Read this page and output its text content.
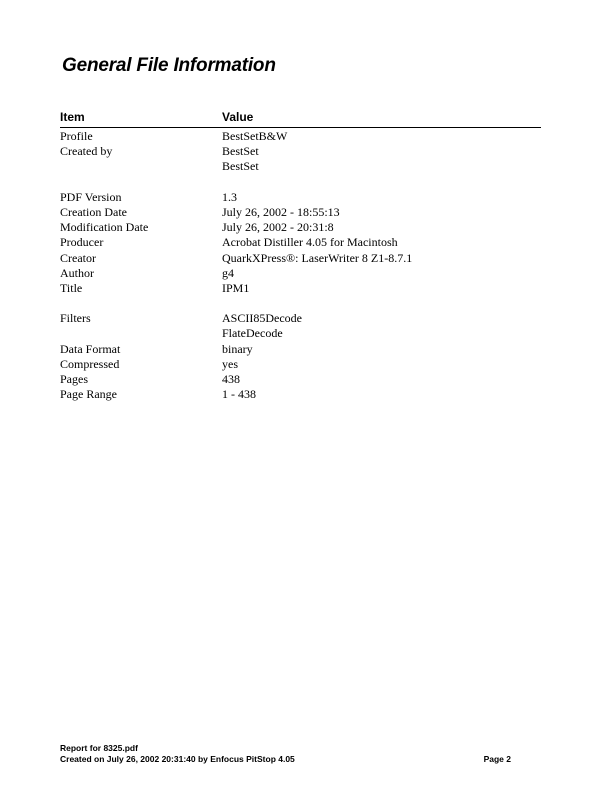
General File Information
Item	Value
Profile	BestSetB&W
Created by	BestSet
BestSet
PDF Version	1.3
Creation Date	July 26, 2002 - 18:55:13
Modification Date	July 26, 2002 - 20:31:8
Producer	Acrobat Distiller 4.05 for Macintosh
Creator	QuarkXPress®: LaserWriter 8 Z1-8.7.1
Author	g4
Title	IPM1
Filters	ASCII85Decode
FlateDecode
Data Format	binary
Compressed	yes
Pages	438
Page Range	1 - 438
Report for 8325.pdf
Created on July 26, 2002 20:31:40 by Enfocus PitStop 4.05	Page 2
